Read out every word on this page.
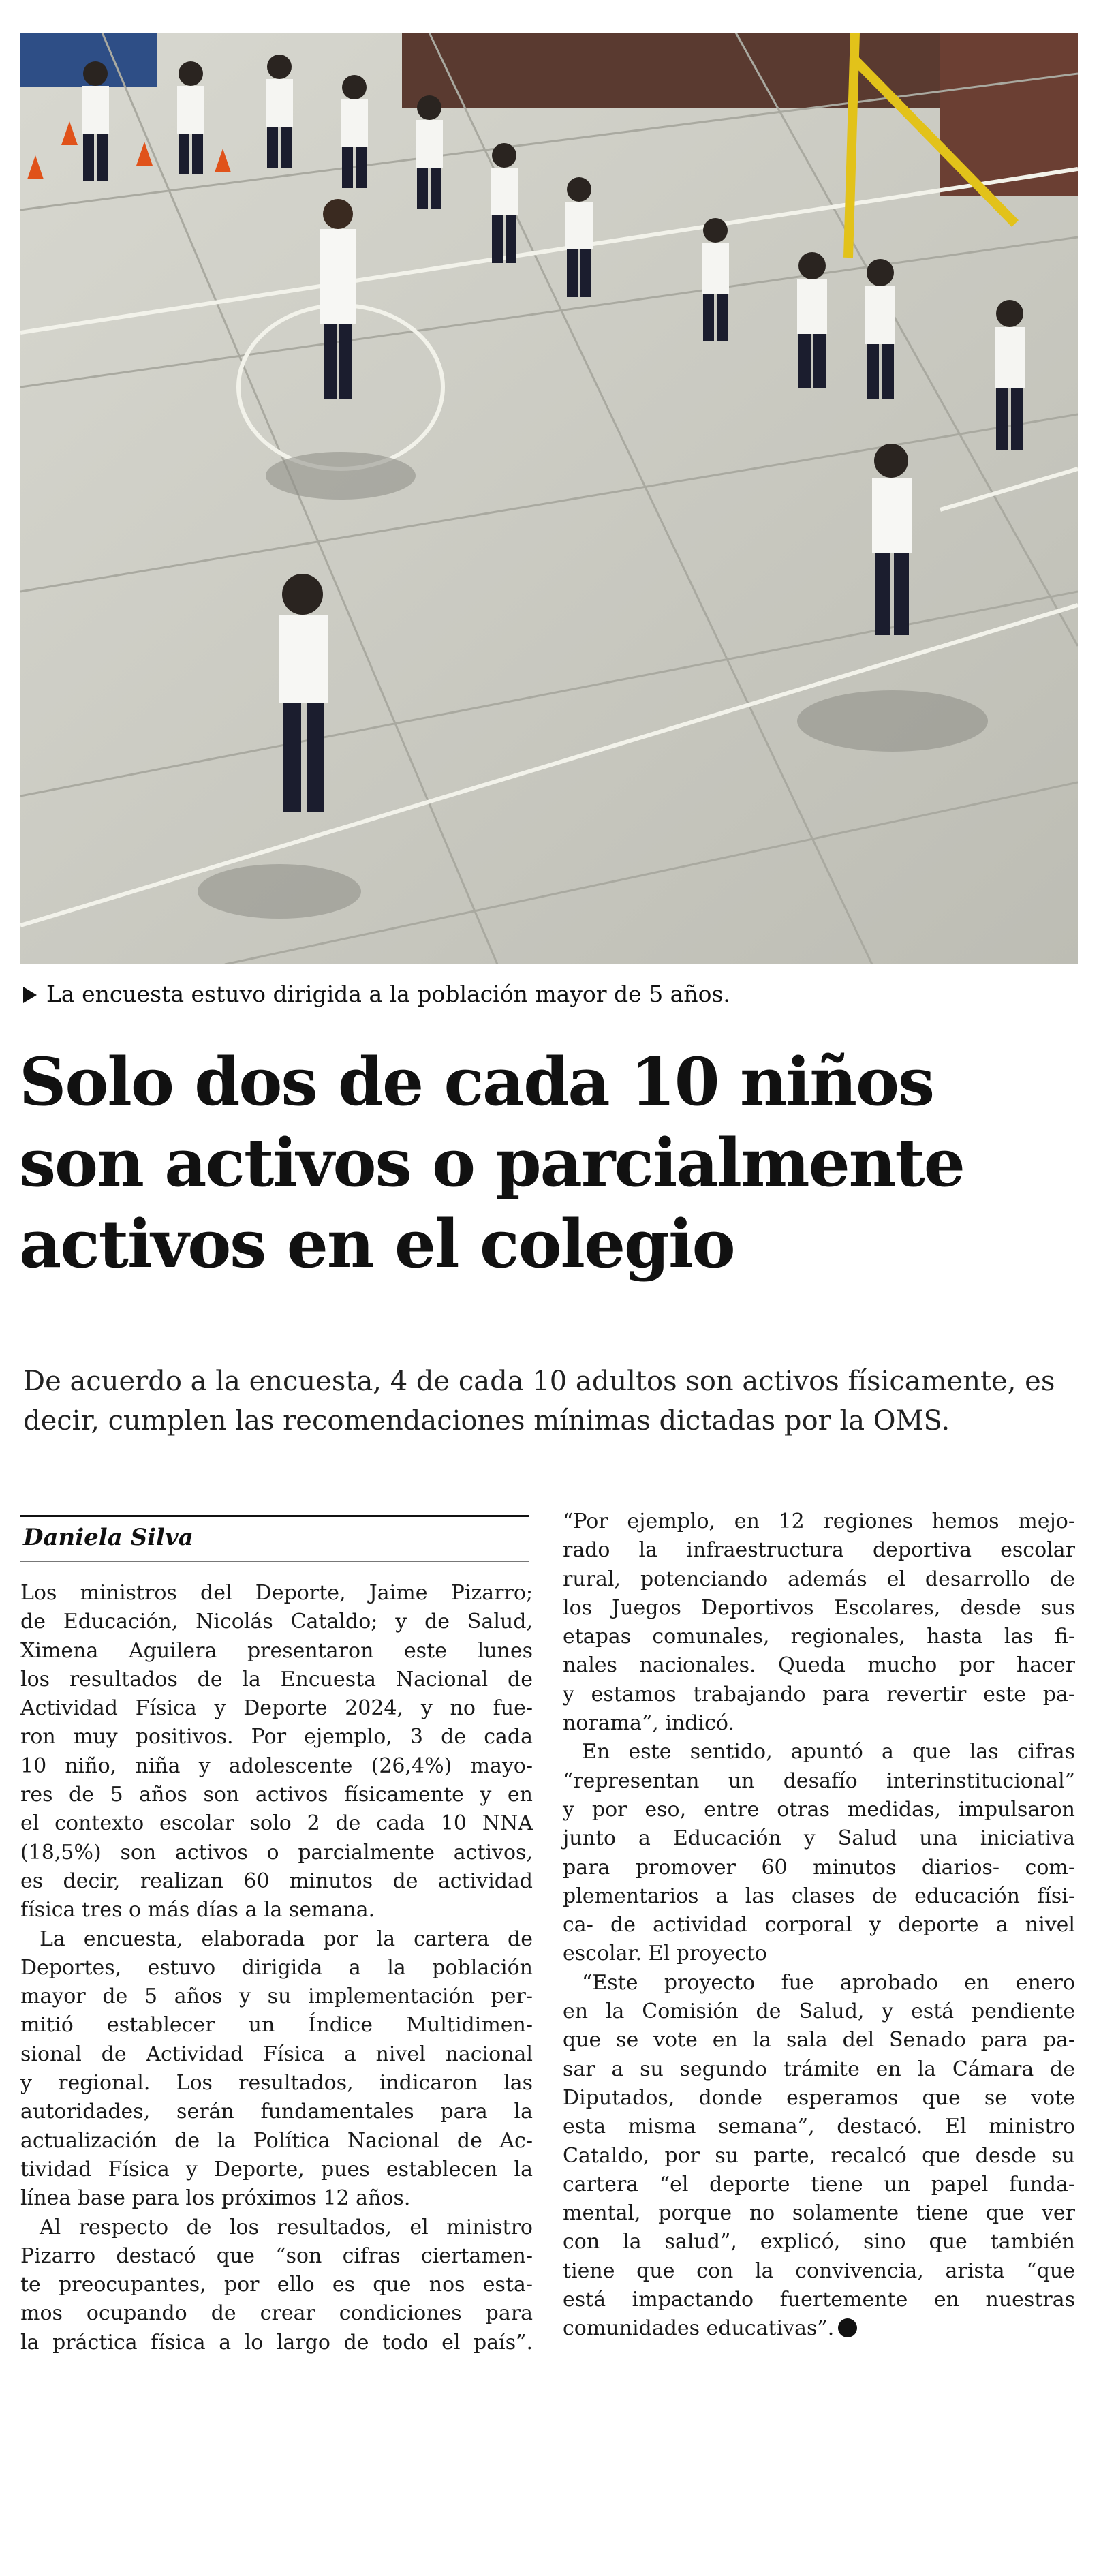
La encuesta estuvo dirigida a la población mayor de 5 años.
Solo dos de cada 10 niños
son activos o parcialmente
activos en el colegio

De acuerdo a la encuesta, 4 de cada 10 adultos son activos físicamente, es
decir, cumplen las recomendaciones mínimas dictadas por la OMS.

Daniela Silva
Los ministros del Deporte, Jaime Pizarro;
de Educación, Nicolás Cataldo; y de Salud,
Ximena Aguilera presentaron este lunes
los resultados de la Encuesta Nacional de
Actividad Física y Deporte 2024, y no fue-
ron muy positivos. Por ejemplo, 3 de cada
10 niño, niña y adolescente (26,4%) mayo-
res de 5 años son activos físicamente y en
el contexto escolar solo 2 de cada 10 NNA
(18,5%) son activos o parcialmente activos,
es decir, realizan 60 minutos de actividad
física tres o más días a la semana.
La encuesta, elaborada por la cartera de
Deportes, estuvo dirigida a la población
mayor de 5 años y su implementación per-
mitió establecer un Índice Multidimen-
sional de Actividad Física a nivel nacional
y regional. Los resultados, indicaron las
autoridades, serán fundamentales para la
actualización de la Política Nacional de Ac-
tividad Física y Deporte, pues establecen la
línea base para los próximos 12 años.
Al respecto de los resultados, el ministro
Pizarro destacó que “son cifras ciertamen-
te preocupantes, por ello es que nos esta-
mos ocupando de crear condiciones para
la práctica física a lo largo de todo el país”.
“Por ejemplo, en 12 regiones hemos mejo-
rado la infraestructura deportiva escolar
rural, potenciando además el desarrollo de
los Juegos Deportivos Escolares, desde sus
etapas comunales, regionales, hasta las fi-
nales nacionales. Queda mucho por hacer
y estamos trabajando para revertir este pa-
norama”, indicó.
En este sentido, apuntó a que las cifras
“representan un desafío interinstitucional”
y por eso, entre otras medidas, impulsaron
junto a Educación y Salud una iniciativa
para promover 60 minutos diarios- com-
plementarios a las clases de educación físi-
ca- de actividad corporal y deporte a nivel
escolar. El proyecto
“Este proyecto fue aprobado en enero
en la Comisión de Salud, y está pendiente
que se vote en la sala del Senado para pa-
sar a su segundo trámite en la Cámara de
Diputados, donde esperamos que se vote
esta misma semana”, destacó. El ministro
Cataldo, por su parte, recalcó que desde su
cartera “el deporte tiene un papel funda-
mental, porque no solamente tiene que ver
con la salud”, explicó, sino que también
tiene que con la convivencia, arista “que
está impactando fuertemente en nuestras
comunidades educativas”.
